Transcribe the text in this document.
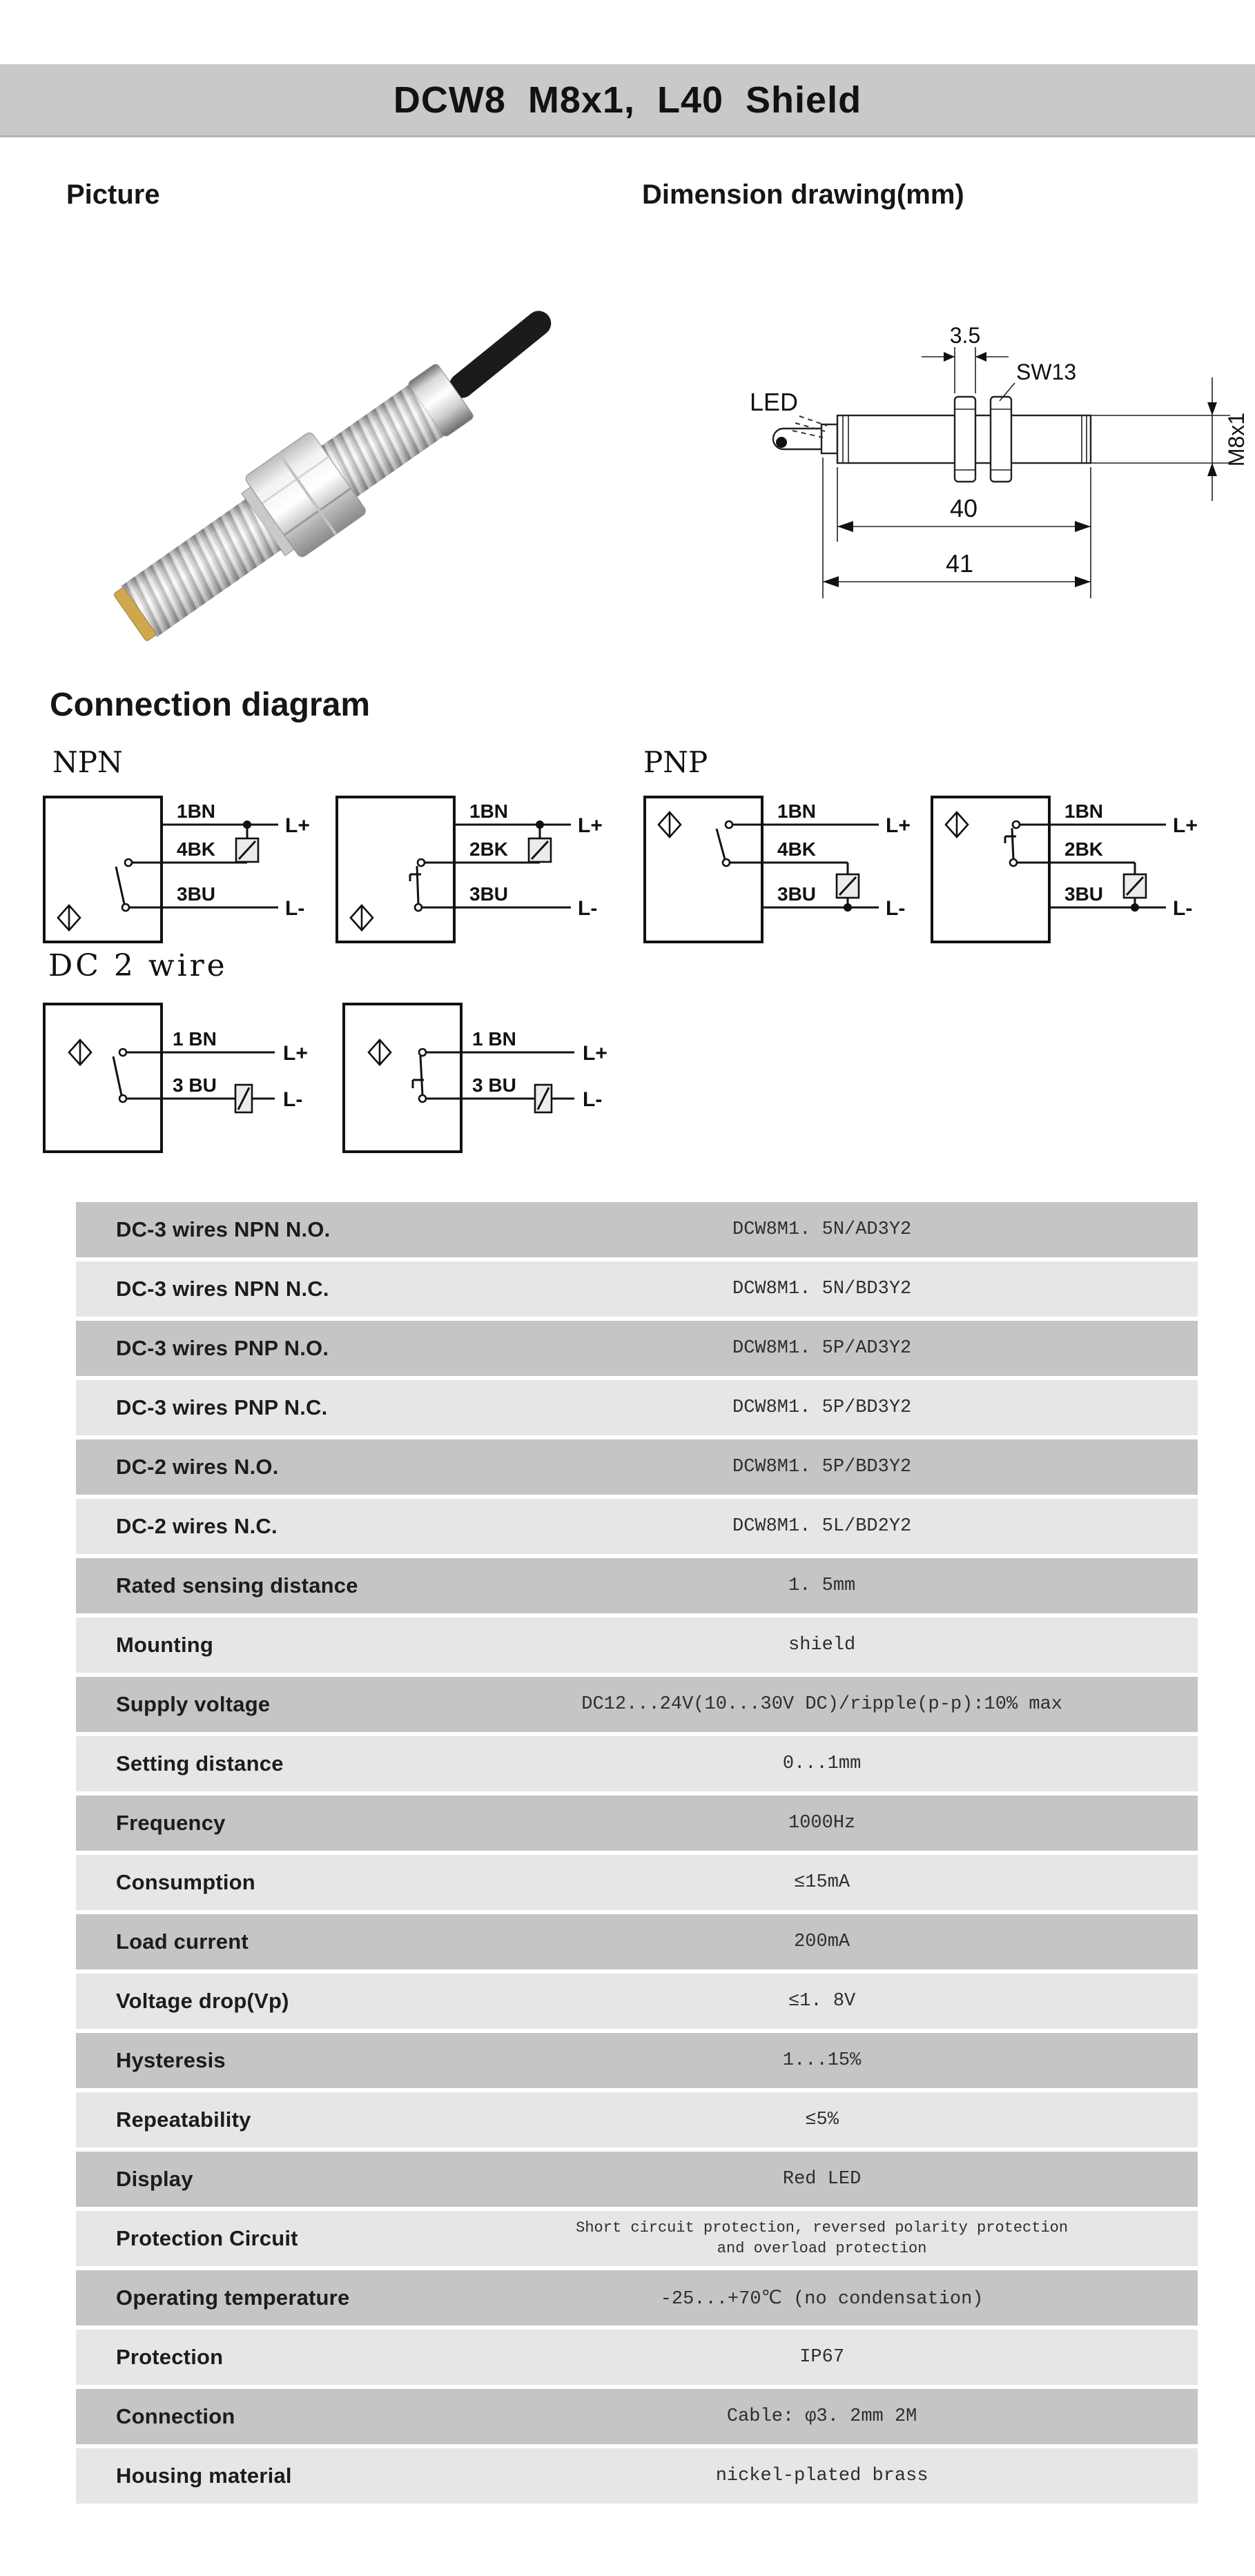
DCW8 M8x1, L40 Shield
Picture	Dimension drawing(mm)
3.5
SW13
LED
M8x1
40
41
Connection diagram
NPN	PNP
DC 2 wire
1BN
4BK
3BU
L+
L-
1BN
2BK
3BU
L+
L-
1BN
4BK
3BU
L+
L-
1BN
2BK
3BU
L+
L-
1 BN
3 BU
L+
L-
1 BN
3 BU
L+
L-
DC-3 wires NPN N.O.	DCW8M1. 5N/AD3Y2
DC-3 wires NPN N.C.	DCW8M1. 5N/BD3Y2
DC-3 wires PNP N.O.	DCW8M1. 5P/AD3Y2
DC-3 wires PNP N.C.	DCW8M1. 5P/BD3Y2
DC-2 wires N.O.	DCW8M1. 5P/BD3Y2
DC-2 wires N.C.	DCW8M1. 5L/BD2Y2
Rated sensing distance	1. 5mm
Mounting	shield
Supply voltage	DC12...24V(10...30V DC)/ripple(p-p):10% max
Setting distance	0...1mm
Frequency	1000Hz
Consumption	≤15mA
Load current	200mA
Voltage drop(Vp)	≤1. 8V
Hysteresis	1...15%
Repeatability	≤5%
Display	Red LED
Protection Circuit	Short circuit protection, reversed polarity protection
and overload protection
Operating temperature	-25...+70℃ (no condensation)
Protection	IP67
Connection	Cable: φ3. 2mm 2M
Housing material	nickel-plated brass
